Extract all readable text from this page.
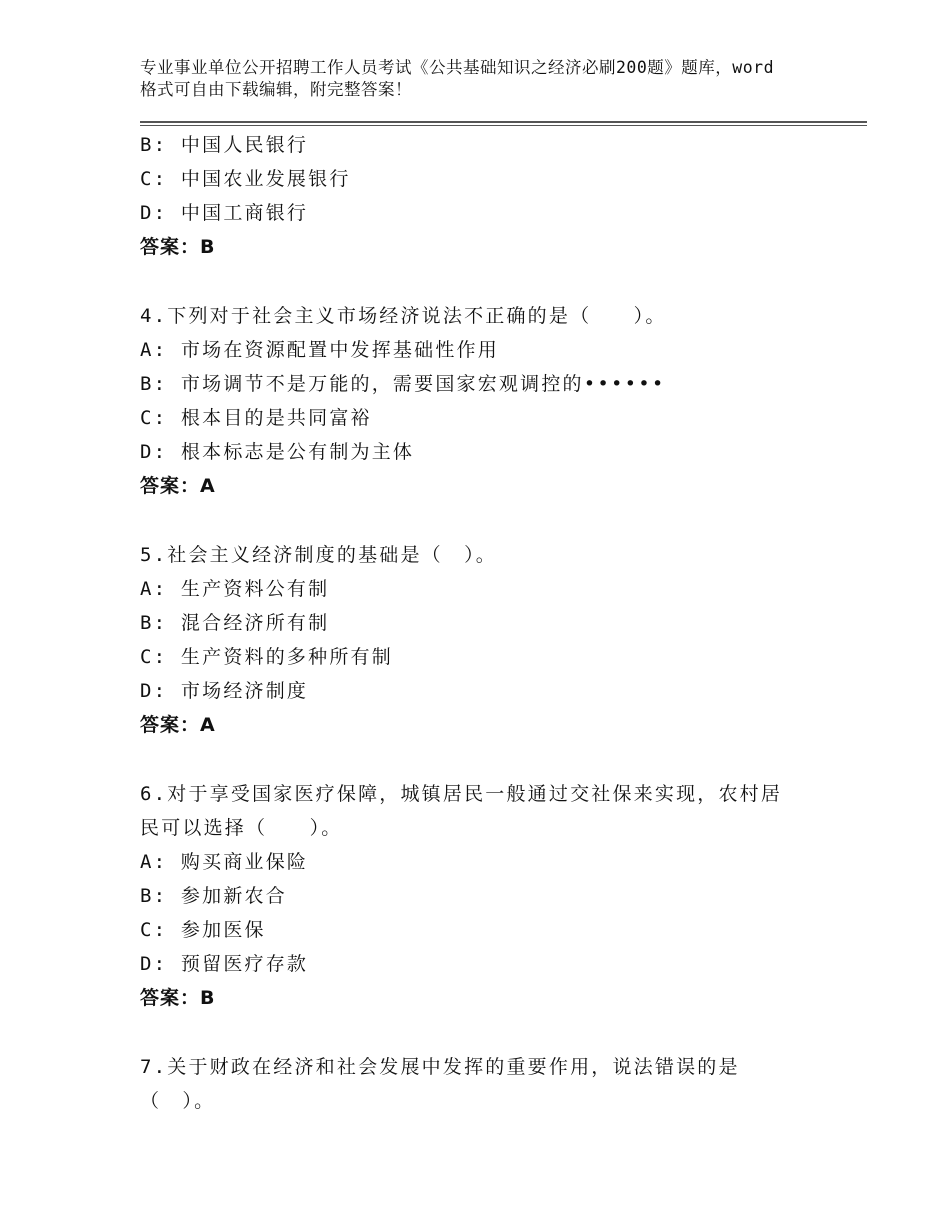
专业事业单位公开招聘工作人员考试《公共基础知识之经济必刷200题》题库，word格式可自由下载编辑，附完整答案！
B: 中国人民银行
C: 中国农业发展银行
D: 中国工商银行
答案：B
4.下列对于社会主义市场经济说法不正确的是（　　）。
A: 市场在资源配置中发挥基础性作用
B: 市场调节不是万能的，需要国家宏观调控的••••••
C: 根本目的是共同富裕
D: 根本标志是公有制为主体
答案：A
5.社会主义经济制度的基础是（　）。
A: 生产资料公有制
B: 混合经济所有制
C: 生产资料的多种所有制
D: 市场经济制度
答案：A
6.对于享受国家医疗保障，城镇居民一般通过交社保来实现，农村居民可以选择（　　）。
A: 购买商业保险
B: 参加新农合
C: 参加医保
D: 预留医疗存款
答案：B
7.关于财政在经济和社会发展中发挥的重要作用，说法错误的是（　）。
